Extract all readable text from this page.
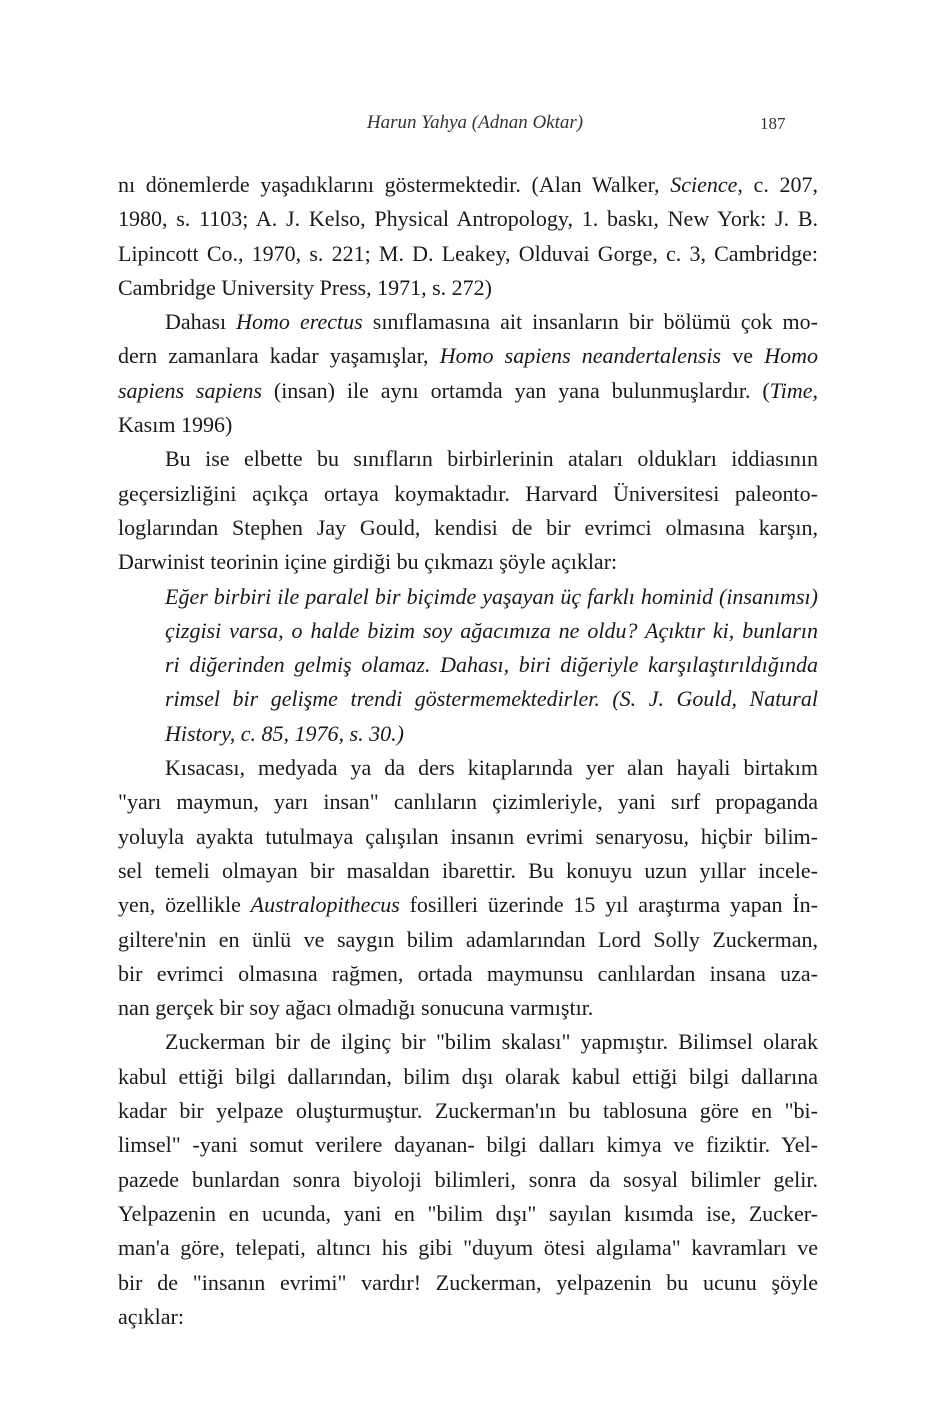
Harun Yahya (Adnan Oktar)	187
nı dönemlerde yaşadıklarını göstermektedir. (Alan Walker, Science, c. 207,
1980, s. 1103; A. J. Kelso, Physical Antropology, 1. baskı, New York: J. B.
Lipincott Co., 1970, s. 221; M. D. Leakey, Olduvai Gorge, c. 3, Cambridge:
Cambridge University Press, 1971, s. 272)
Dahası Homo erectus sınıflamasına ait insanların bir bölümü çok mo-
dern zamanlara kadar yaşamışlar, Homo sapiens neandertalensis ve Homo
sapiens sapiens (insan) ile aynı ortamda yan yana bulunmuşlardır. (Time,
Kasım 1996)
Bu ise elbette bu sınıfların birbirlerinin ataları oldukları iddiasının
geçersizliğini açıkça ortaya koymaktadır. Harvard Üniversitesi paleonto-
loglarından Stephen Jay Gould, kendisi de bir evrimci olmasına karşın,
Darwinist teorinin içine girdiği bu çıkmazı şöyle açıklar:
Eğer birbiri ile paralel bir biçimde yaşayan üç farklı hominid (insanımsı)
çizgisi varsa, o halde bizim soy ağacımıza ne oldu? Açıktır ki, bunların
ri diğerinden gelmiş olamaz. Dahası, biri diğeriyle karşılaştırıldığında
rimsel bir gelişme trendi göstermemektedirler. (S. J. Gould, Natural
History, c. 85, 1976, s. 30.)
Kısacası, medyada ya da ders kitaplarında yer alan hayali birtakım
"yarı maymun, yarı insan" canlıların çizimleriyle, yani sırf propaganda
yoluyla ayakta tutulmaya çalışılan insanın evrimi senaryosu, hiçbir bilim-
sel temeli olmayan bir masaldan ibarettir. Bu konuyu uzun yıllar incele-
yen, özellikle Australopithecus fosilleri üzerinde 15 yıl araştırma yapan İn-
giltere'nin en ünlü ve saygın bilim adamlarından Lord Solly Zuckerman,
bir evrimci olmasına rağmen, ortada maymunsu canlılardan insana uza-
nan gerçek bir soy ağacı olmadığı sonucuna varmıştır.
Zuckerman bir de ilginç bir "bilim skalası" yapmıştır. Bilimsel olarak
kabul ettiği bilgi dallarından, bilim dışı olarak kabul ettiği bilgi dallarına
kadar bir yelpaze oluşturmuştur. Zuckerman'ın bu tablosuna göre en "bi-
limsel" -yani somut verilere dayanan- bilgi dalları kimya ve fiziktir. Yel-
pazede bunlardan sonra biyoloji bilimleri, sonra da sosyal bilimler gelir.
Yelpazenin en ucunda, yani en "bilim dışı" sayılan kısımda ise, Zucker-
man'a göre, telepati, altıncı his gibi "duyum ötesi algılama" kavramları ve
bir de "insanın evrimi" vardır! Zuckerman, yelpazenin bu ucunu şöyle
açıklar:
